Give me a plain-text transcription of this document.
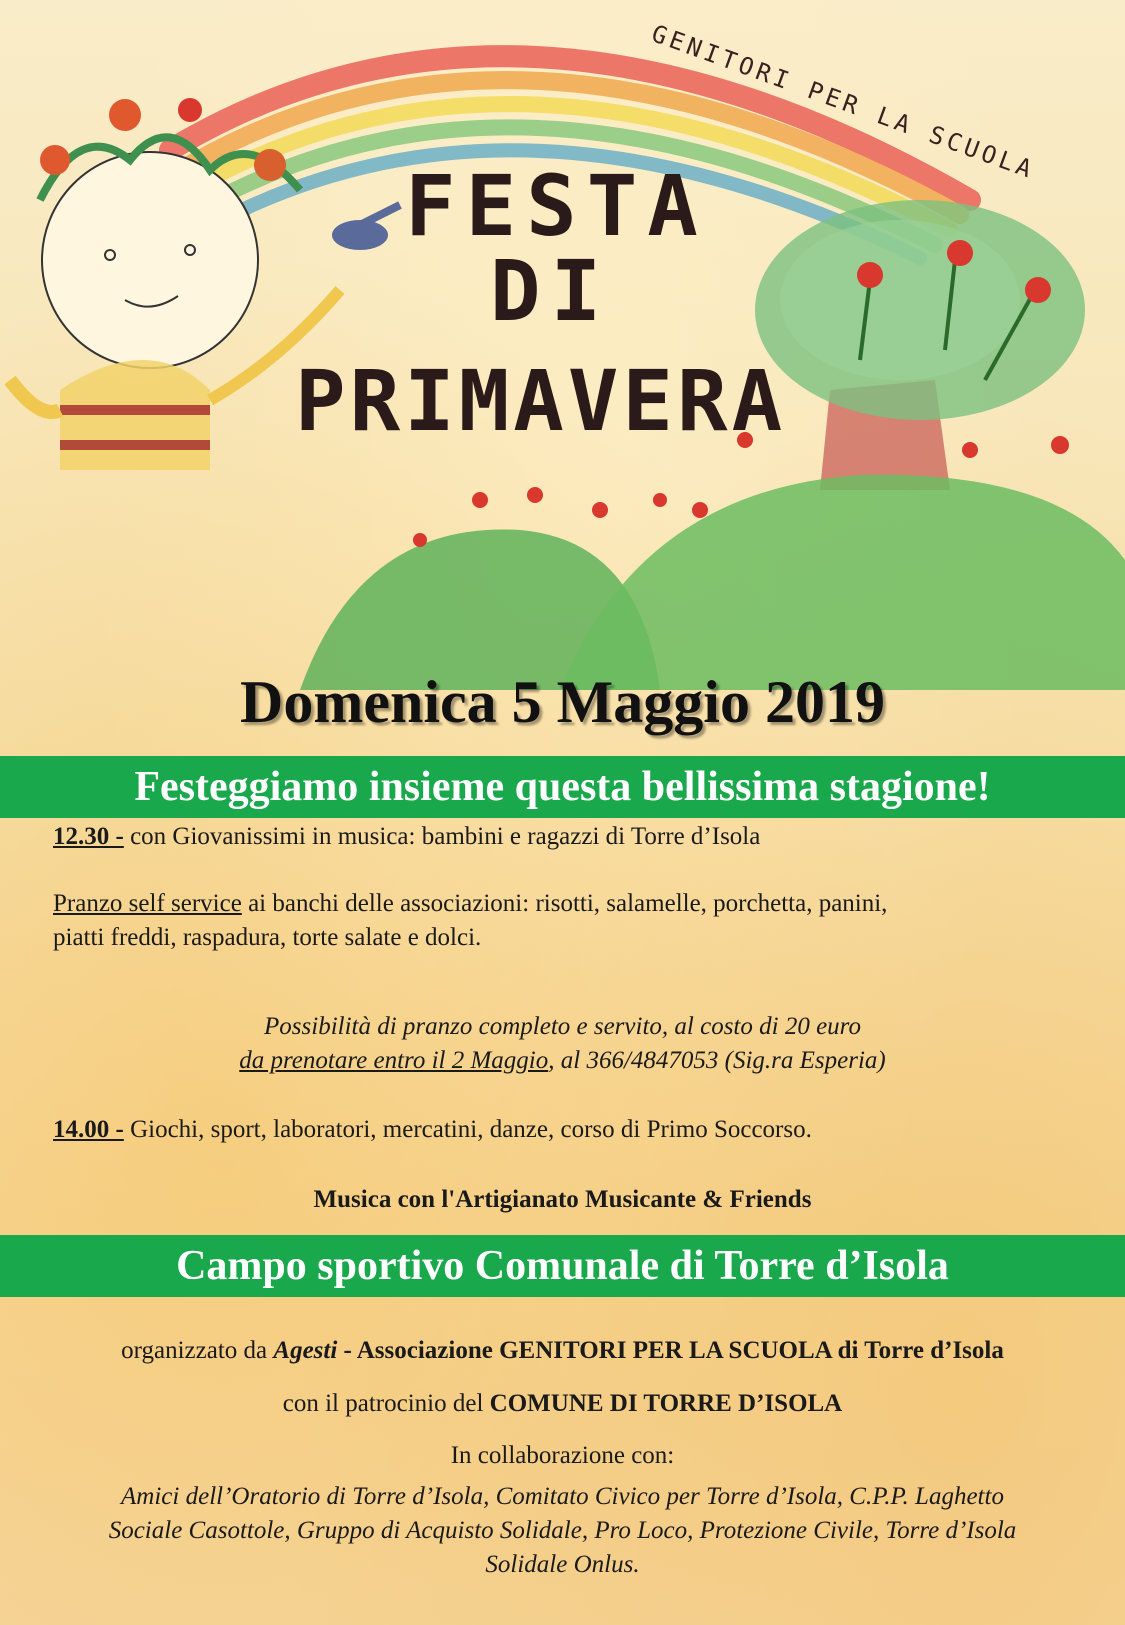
FESTA
DI
PRIMAVERA
GENITORI PER LA SCUOLA
Domenica 5 Maggio 2019
Festeggiamo insieme questa bellissima stagione!
12.30 - con Giovanissimi in musica: bambini e ragazzi di Torre d’Isola
Pranzo self service ai banchi delle associazioni: risotti, salamelle, porchetta, panini,
piatti freddi, raspadura, torte salate e dolci.
Possibilità di pranzo completo e servito, al costo di 20 euro
da prenotare entro il 2 Maggio, al 366/4847053 (Sig.ra Esperia)
14.00 - Giochi, sport, laboratori, mercatini, danze, corso di Primo Soccorso.
Musica con l'Artigianato Musicante & Friends
Campo sportivo Comunale di Torre d’Isola
organizzato da Agesti - Associazione GENITORI PER LA SCUOLA di Torre d’Isola
con il patrocinio del COMUNE DI TORRE D’ISOLA
In collaborazione con:
Amici dell’Oratorio di Torre d’Isola, Comitato Civico per Torre d’Isola, C.P.P. Laghetto
Sociale Casottole, Gruppo di Acquisto Solidale, Pro Loco, Protezione Civile, Torre d’Isola
Solidale Onlus.
